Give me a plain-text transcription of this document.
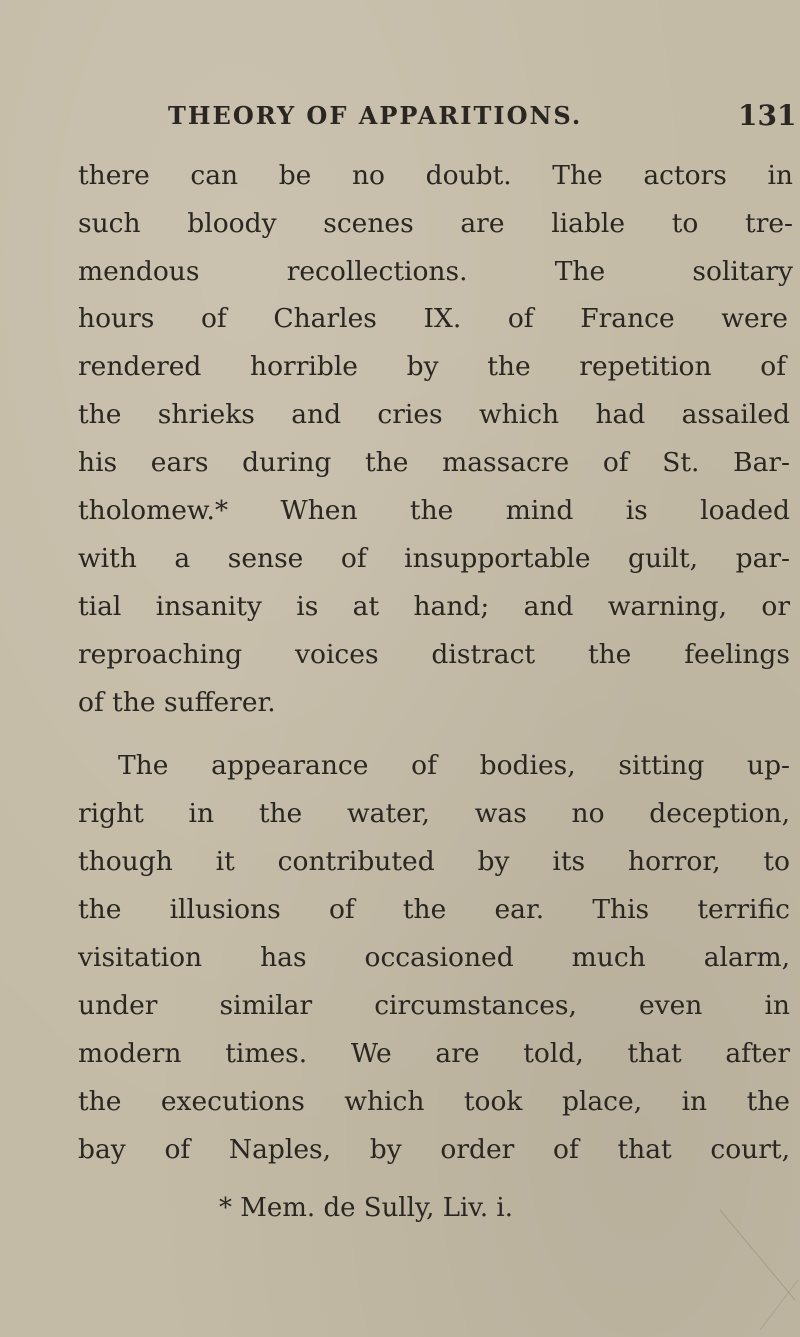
THEORY OF APPARITIONS.	131
there can be no doubt. The actors in
such bloody scenes are liable to tre-
mendous recollections. The solitary
hours of Charles IX. of France were
rendered horrible by the repetition of
the shrieks and cries which had assailed
his ears during the massacre of St. Bar-
tholomew.* When the mind is loaded
with a sense of insupportable guilt, par-
tial insanity is at hand; and warning, or
reproaching voices distract the feelings
of the sufferer.
The appearance of bodies, sitting up-
right in the water, was no deception,
though it contributed by its horror, to
the illusions of the ear. This terrific
visitation has occasioned much alarm,
under similar circumstances, even in
modern times. We are told, that after
the executions which took place, in the
bay of Naples, by order of that court,
* Mem. de Sully, Liv. i.
